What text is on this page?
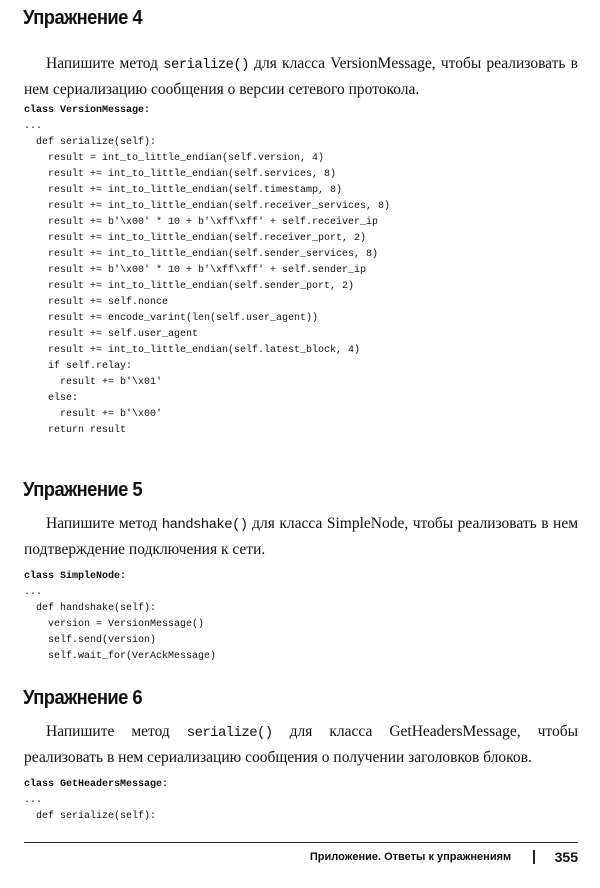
Упражнение 4

Напишите метод serialize() для класса VersionMessage, чтобы реализовать в нем сериализацию сообщения о версии сетевого протокола.

class VersionMessage:
...
def serialize(self):
result = int_to_little_endian(self.version, 4)
result += int_to_little_endian(self.services, 8)
result += int_to_little_endian(self.timestamp, 8)
result += int_to_little_endian(self.receiver_services, 8)
result += b'\x00' * 10 + b'\xff\xff' + self.receiver_ip
result += int_to_little_endian(self.receiver_port, 2)
result += int_to_little_endian(self.sender_services, 8)
result += b'\x00' * 10 + b'\xff\xff' + self.sender_ip
result += int_to_little_endian(self.sender_port, 2)
result += self.nonce
result += encode_varint(len(self.user_agent))
result += self.user_agent
result += int_to_little_endian(self.latest_block, 4)
if self.relay:
result += b'\x01'
else:
result += b'\x00'
return result
Упражнение 5

Напишите метод handshake() для класса SimpleNode, чтобы реализовать в нем подтверждение подключения к сети.

class SimpleNode:
...
def handshake(self):
version = VersionMessage()
self.send(version)
self.wait_for(VerAckMessage)
Упражнение 6

Напишите метод serialize() для класса GetHeadersMessage, чтобы реализовать в нем сериализацию сообщения о получении заголовков блоков.

class GetHeadersMessage:
...
def serialize(self):
Приложение. Ответы к упражнениям	355
